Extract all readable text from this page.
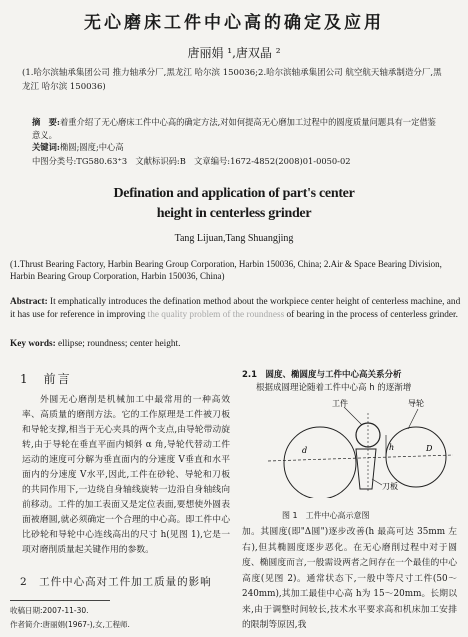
无心磨床工件中心高的确定及应用
唐丽娟 ¹,唐双晶 ²
(1.哈尔滨轴承集团公司 推力轴承分厂,黑龙江 哈尔滨 150036;2.哈尔滨轴承集团公司 航空航天轴承制造分厂,黑龙江 哈尔滨 150036)
摘　要:着重介绍了无心磨床工件中心高的确定方法,对如何提高无心磨加工过程中的圆度质量问题具有一定借鉴意义。
关键词:椭圆;圆度;中心高
中图分类号:TG580.63⁺3　文献标识码:B　文章编号:1672-4852(2008)01-0050-02
Defination and application of part's center
height in centerless grinder
Tang Lijuan,Tang Shuangjing
(1.Thrust Bearing Factory, Harbin Bearing Group Corporation, Harbin 150036, China; 2.Air & Space Bearing Division, Harbin Bearing Group Corporation, Harbin 150036, China)
Abstract: It emphatically introduces the defination method about the workpiece center height of centerless machine, and it has use for reference in improving the quality problem of the roundness of bearing in the process of centerless grinder.
Key words: ellipse; roundness; center height.
1 前言
外圆无心磨削是机械加工中最常用的一种高效率、高质量的磨削方法。它的工作原理是工件被刀板和导轮支撑,相当于无心夹具的两个支点,由导轮带动旋转,由于导轮在垂直平面内倾斜 α 角,导轮代替动工件运动的速度可分解为垂直面内的分速度 V垂直和水平面内的分速度 V水平,因此,工件在砂轮、导轮和刀板的共同作用下,一边绕自身轴线旋转一边沿自身轴线向前移动。工件的加工表面又是定位表面,要想使外圆表面被磨圆,就必须确定一个合理的中心高。即工件中心比砂轮和导轮中心连线高出的尺寸 h(见图 1),它是一项对磨削质量起关键作用的参数。
2　工件中心高对工件加工质量的影响
收稿日期:2007-11-30.
作者简介:唐丽娟(1967-),女,工程师.
2.1　圆度、椭圆度与工件中心高关系分析
根据成圆理论随着工件中心高 h 的逐渐增
工件	导轮
刀板
h
d	D
图 1　工件中心高示意图
加。其圆度(即"Δ圆")逐步改善(h 最高可达 35mm 左右),但其椭圆度逐步恶化。在无心磨削过程中对于圆度、椭圆度而言,一般需设两者之间存在一个最佳的中心高度(见图 2)。通常状态下,一般中等尺寸工件(50～240mm),其加工最佳中心高 h为 15～20mm。长期以来,由于调整时间较长,技术水平要求高和机床加工安排的限制等原因,我
